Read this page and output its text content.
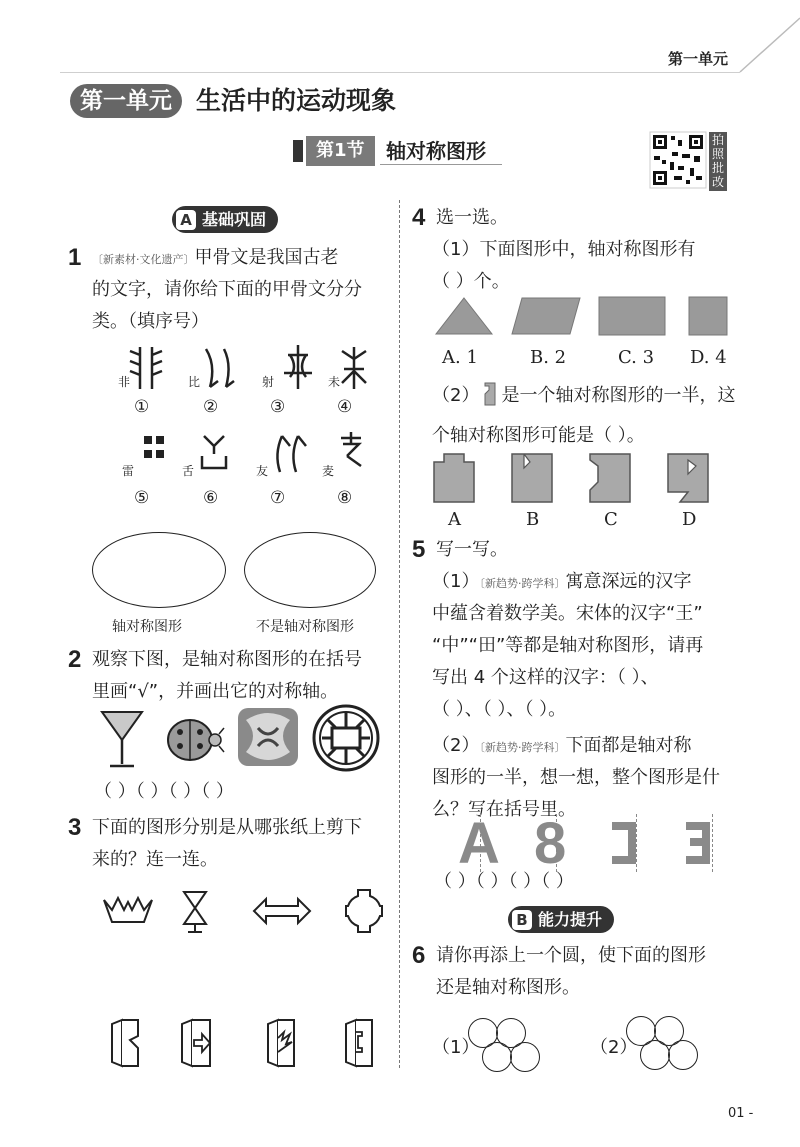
第一单元
第一单元 生活中的运动现象
第1节	轴对称图形	拍照批改
A 基础巩固
1 〔新素材·文化遗产〕甲骨文是我国古老
的文字，请你给下面的甲骨文分分
类。（填序号）
非	比	射	未
①	②	③	④
雷	舌	友	麦
⑤	⑥	⑦	⑧
轴对称图形	不是轴对称图形
2 观察下图，是轴对称图形的在括号
里画“√”，并画出它的对称轴。
（ ）（ ）（ ）（ ）
3 下面的图形分别是从哪张纸上剪下
来的？连一连。
4 选一选。
（1）下面图形中，轴对称图形有
（ ）个。
A. 1	B. 2	C. 3 D. 4
（2） 是一个轴对称图形的一半，这
个轴对称图形可能是（ ）。
A	B	C	D
5 写一写。
（1）〔新趋势·跨学科〕寓意深远的汉字
中蕴含着数学美。宋体的汉字“王”
“中”“田”等都是轴对称图形，请再
写出 4 个这样的汉字：（ ）、
（ ）、（ ）、（ ）。
（2）〔新趋势·跨学科〕下面都是轴对称
图形的一半，想一想，整个图形是什
么？写在括号里。
A 8
（ ）（ ）（ ）（ ）
B 能力提升
6 请你再添上一个圆，使下面的图形
还是轴对称图形。
（1）	（2）
01 -
